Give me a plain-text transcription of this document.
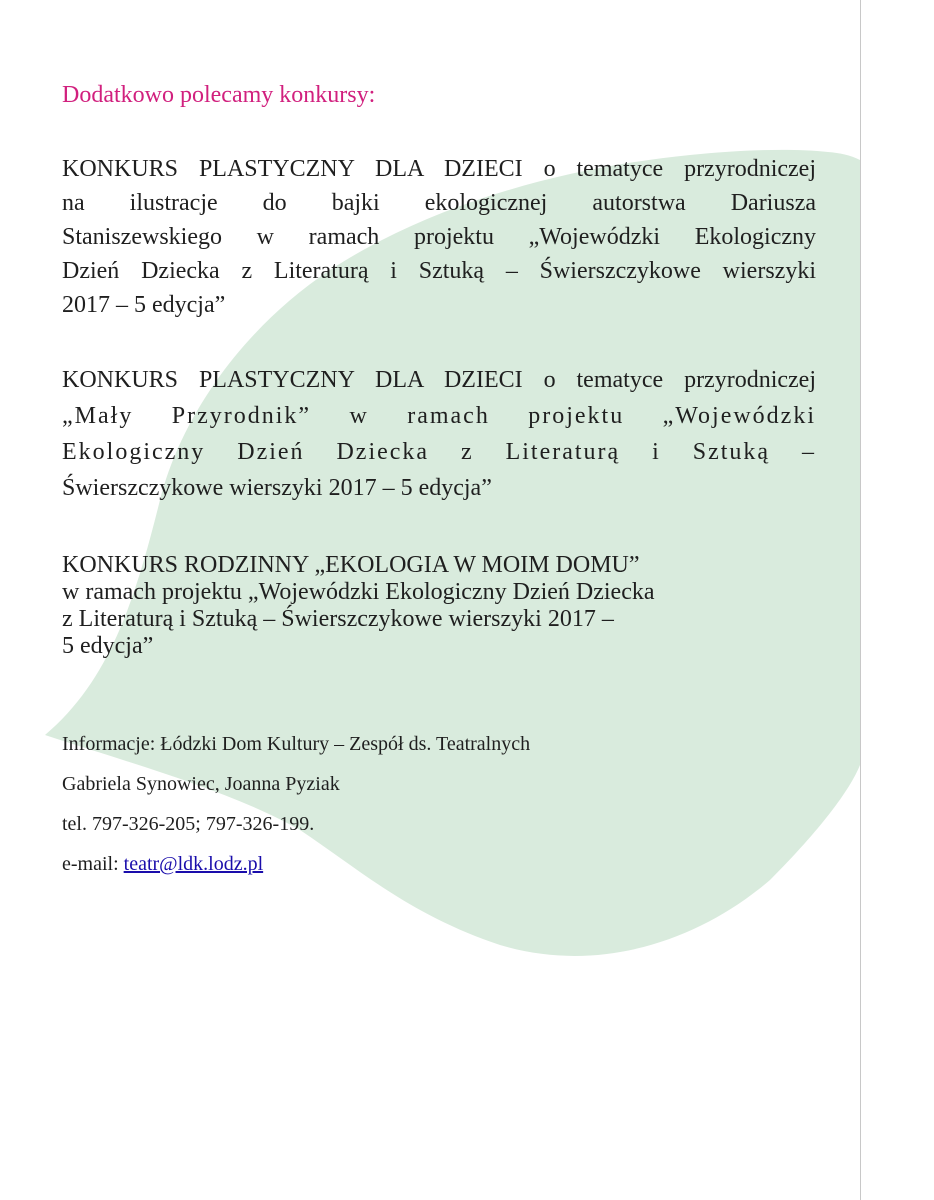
Dodatkowo polecamy konkursy:

KONKURS PLASTYCZNY DLA DZIECI o tematyce przyrodniczej
na ilustracje do bajki ekologicznej autorstwa Dariusza
Staniszewskiego w ramach projektu „Wojewódzki Ekologiczny
Dzień Dziecka z Literaturą i Sztuką – Świerszczykowe wierszyki
2017 – 5 edycja”
KONKURS PLASTYCZNY DLA DZIECI o tematyce przyrodniczej
„Mały Przyrodnik” w ramach projektu „Wojewódzki
Ekologiczny Dzień Dziecka z Literaturą i Sztuką –
Świerszczykowe wierszyki 2017 – 5 edycja”
KONKURS RODZINNY „EKOLOGIA W MOIM DOMU”
w ramach projektu „Wojewódzki Ekologiczny Dzień Dziecka
z Literaturą i Sztuką – Świerszczykowe wierszyki 2017 –
5 edycja”
Informacje: Łódzki Dom Kultury – Zespół ds. Teatralnych
Gabriela Synowiec, Joanna Pyziak
tel. 797-326-205; 797-326-199.
e-mail: teatr@ldk.lodz.pl
